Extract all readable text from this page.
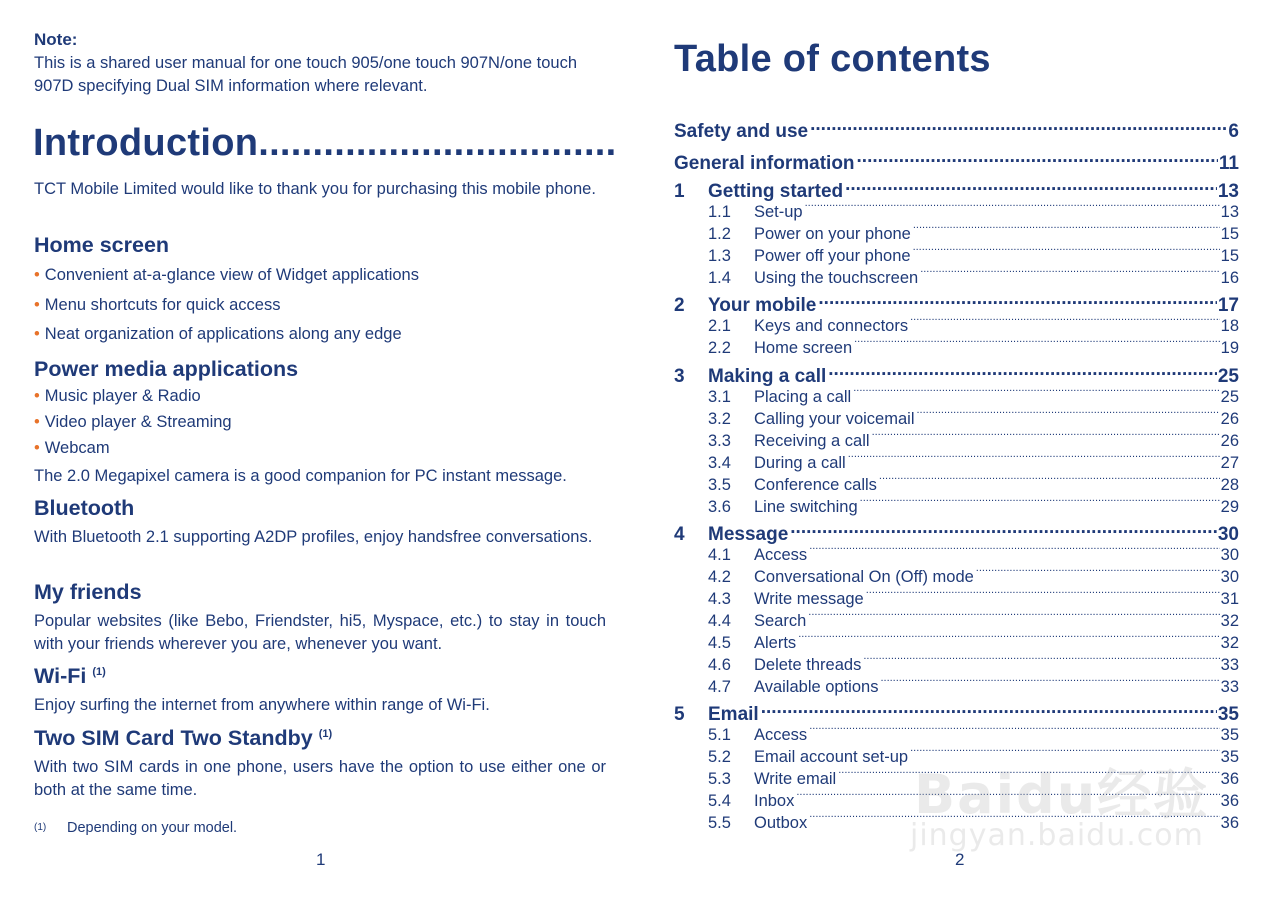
Note:
This is a shared user manual for one touch 905/one touch 907N/one touch 907D specifying Dual SIM information where relevant.
Introduction.................................
TCT Mobile Limited would like to thank you for purchasing this mobile phone.
Home screen
• Convenient at-a-glance view of Widget applications
• Menu shortcuts for quick access
• Neat organization of applications along any edge
Power media applications
• Music player & Radio
• Video player & Streaming
• Webcam
The 2.0 Megapixel camera is a good companion for PC instant message.
Bluetooth
With Bluetooth 2.1 supporting A2DP profiles, enjoy handsfree conversations.
My friends
Popular websites (like Bebo, Friendster, hi5, Myspace, etc.) to stay in touch with your friends wherever you are, whenever you want.
Wi-Fi $^{(1)}$
Enjoy surfing the internet from anywhere within range of Wi-Fi.
Two SIM Card Two Standby $^{(1)}$
With two SIM cards in one phone, users have the option to use either one or both at the same time.
(1) Depending on your model.
1
Table of contents
Safety and use .....	6
General information .....	11
1	Getting started .....	13
1.1	Set-up .....	13
1.2	Power on your phone .....	15
1.3	Power off your phone .....	15
1.4	Using the touchscreen .....	16
2	Your mobile .....	17
2.1	Keys and connectors .....	18
2.2	Home screen .....	19
3	Making a call .....	25
3.1	Placing a call .....	25
3.2	Calling your voicemail .....	26
3.3	Receiving a call .....	26
3.4	During a call .....	27
3.5	Conference calls .....	28
3.6	Line switching .....	29
4	Message .....	30
4.1	Access .....	30
4.2	Conversational On (Off) mode .....	30
4.3	Write message .....	31
4.4	Search .....	32
4.5	Alerts .....	32
4.6	Delete threads .....	33
4.7	Available options .....	33
5	Email .....	35
5.1	Access .....	35
5.2	Email account set-up .....	35
5.3	Write email .....	36
5.4	Inbox .....	36
5.5	Outbox .....	36
Baidu经验
jingyan.baidu.com
2
